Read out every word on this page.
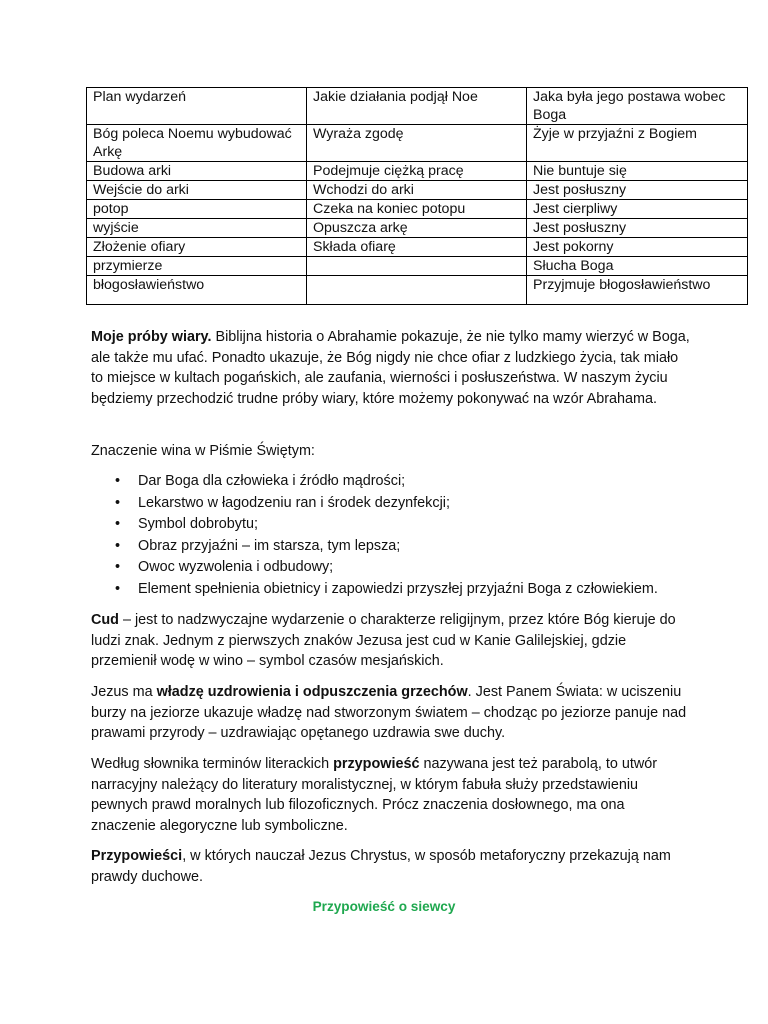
Plan wydarzeń	Jakie działania podjął Noe	Jaka była jego postawa wobec Boga
Bóg poleca Noemu wybudować Arkę	Wyraża zgodę	Żyje w przyjaźni z Bogiem
Budowa arki	Podejmuje ciężką pracę	Nie buntuje się
Wejście do arki	Wchodzi do arki	Jest posłuszny
potop	Czeka na koniec potopu	Jest cierpliwy
wyjście	Opuszcza arkę	Jest posłuszny
Złożenie ofiary	Składa ofiarę	Jest pokorny
przymierze		Słucha Boga
błogosławieństwo		Przyjmuje błogosławieństwo

Moje próby wiary. Biblijna historia o Abrahamie pokazuje, że nie tylko mamy wierzyć w Boga, ale także mu ufać. Ponadto ukazuje, że Bóg nigdy nie chce ofiar z ludzkiego życia, tak miało to miejsce w kultach pogańskich, ale zaufania, wierności i posłuszeństwa. W naszym życiu będziemy przechodzić trudne próby wiary, które możemy pokonywać na wzór Abrahama.

Znaczenie wina w Piśmie Świętym:

• Dar Boga dla człowieka i źródło mądrości;
• Lekarstwo w łagodzeniu ran i środek dezynfekcji;
• Symbol dobrobytu;
• Obraz przyjaźni – im starsza, tym lepsza;
• Owoc wyzwolenia i odbudowy;
• Element spełnienia obietnicy i zapowiedzi przyszłej przyjaźni Boga z człowiekiem.

Cud – jest to nadzwyczajne wydarzenie o charakterze religijnym, przez które Bóg kieruje do ludzi znak. Jednym z pierwszych znaków Jezusa jest cud w Kanie Galilejskiej, gdzie przemienił wodę w wino – symbol czasów mesjańskich.

Jezus ma władzę uzdrowienia i odpuszczenia grzechów. Jest Panem Świata: w uciszeniu burzy na jeziorze ukazuje władzę nad stworzonym światem – chodząc po jeziorze panuje nad prawami przyrody – uzdrawiając opętanego uzdrawia swe duchy.

Według słownika terminów literackich przypowieść nazywana jest też parabolą, to utwór narracyjny należący do literatury moralistycznej, w którym fabuła służy przedstawieniu pewnych prawd moralnych lub filozoficznych. Prócz znaczenia dosłownego, ma ona znaczenie alegoryczne lub symboliczne.

Przypowieści, w których nauczał Jezus Chrystus, w sposób metaforyczny przekazują nam prawdy duchowe.

Przypowieść o siewcy
